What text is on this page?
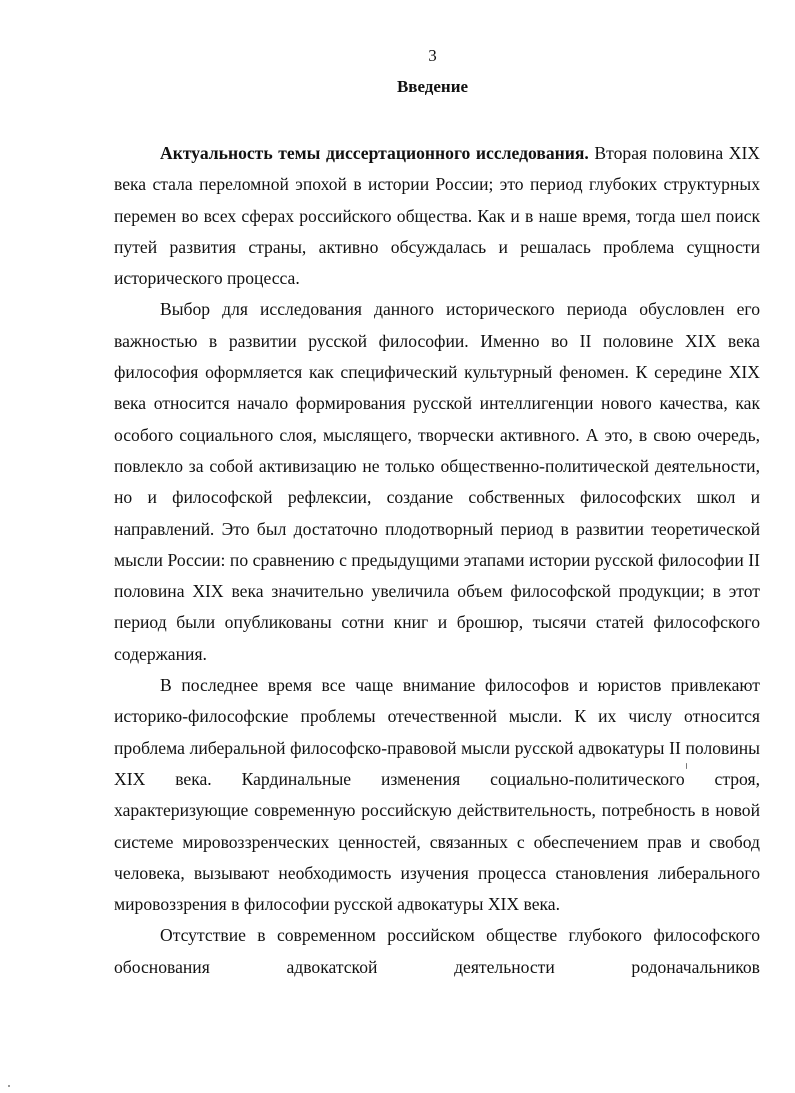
3
Введение

Актуальность темы диссертационного исследования. Вторая половина XIX века стала переломной эпохой в истории России; это период глубоких структурных перемен во всех сферах российского общества. Как и в наше время, тогда шел поиск путей развития страны, активно обсуждалась и решалась проблема сущности исторического процесса.

Выбор для исследования данного исторического периода обусловлен его важностью в развитии русской философии. Именно во II половине XIX века философия оформляется как специфический культурный феномен. К середине XIX века относится начало формирования русской интеллигенции нового качества, как особого социального слоя, мыслящего, творчески активного. А это, в свою очередь, повлекло за собой активизацию не только общественно-политической деятельности, но и философской рефлексии, создание собственных философских школ и направлений. Это был достаточно плодотворный период в развитии теоретической мысли России: по сравнению с предыдущими этапами истории русской философии II половина XIX века значительно увеличила объем философской продукции; в этот период были опубликованы сотни книг и брошюр, тысячи статей философского содержания.

В последнее время все чаще внимание философов и юристов привлекают историко-философские проблемы отечественной мысли. К их числу относится проблема либеральной философско-правовой мысли русской адвокатуры II половины XIX века. Кардинальные изменения социально-политического строя, характеризующие современную российскую действительность, потребность в новой системе мировоззренческих ценностей, связанных с обеспечением прав и свобод человека, вызывают необходимость изучения процесса становления либерального мировоззрения в философии русской адвокатуры XIX века.

Отсутствие в современном российском обществе глубокого философского обоснования адвокатской деятельности родоначальников
